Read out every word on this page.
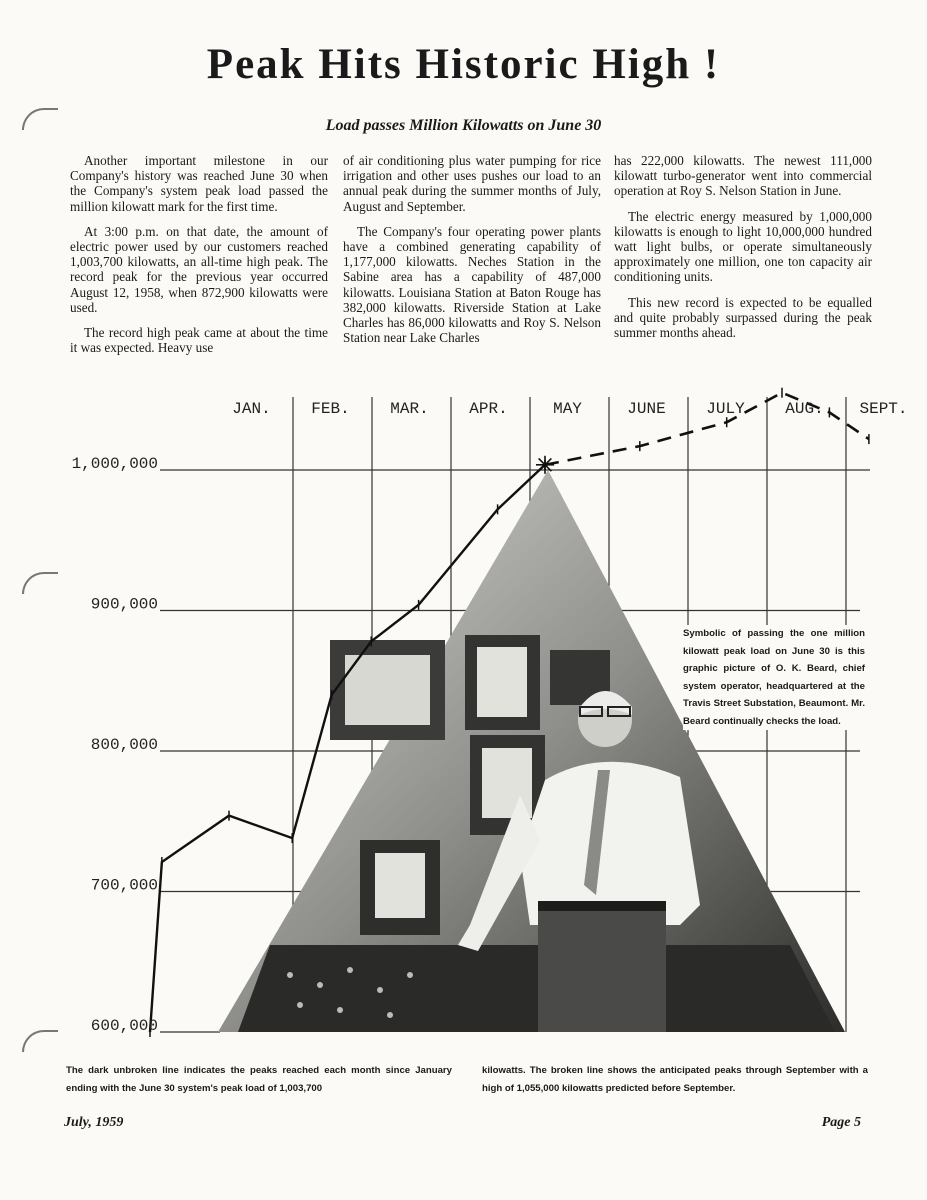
Peak Hits Historic High !
Load passes Million Kilowatts on June 30

Another important milestone in our Company's history was reached June 30 when the Company's system peak load passed the million kilowatt mark for the first time.

At 3:00 p.m. on that date, the amount of electric power used by our customers reached 1,003,700 kilowatts, an all-time high peak. The record peak for the previous year occurred August 12, 1958, when 872,900 kilowatts were used.

The record high peak came at about the time it was expected. Heavy use

of air conditioning plus water pumping for rice irrigation and other uses pushes our load to an annual peak during the summer months of July, August and September.

The Company's four operating power plants have a combined generating capability of 1,177,000 kilowatts. Neches Station in the Sabine area has a capability of 487,000 kilowatts. Louisiana Station at Baton Rouge has 382,000 kilowatts. Riverside Station at Lake Charles has 86,000 kilowatts and Roy S. Nelson Station near Lake Charles

has 222,000 kilowatts. The newest 111,000 kilowatt turbo-generator went into commercial operation at Roy S. Nelson Station in June.

The electric energy measured by 1,000,000 kilowatts is enough to light 10,000,000 hundred watt light bulbs, or operate simultaneously approximately one million, one ton capacity air conditioning units.

This new record is expected to be equalled and quite probably surpassed during the peak summer months ahead.

JAN.	FEB.	MAR.	APR.	MAY	JUNE	JULY	AUG. SEPT.
1,000,000
900,000
800,000
700,000
600,000
Symbolic of passing the one million kilowatt peak load on June 30 is this graphic picture of O. K. Beard, chief system operator, headquartered at the Travis Street Substation, Beaumont. Mr. Beard continually checks the load.
The dark unbroken line indicates the peaks reached each month since January ending with the June 30 system's peak load of 1,003,700
kilowatts. The broken line shows the anticipated peaks through September with a high of 1,055,000 kilowatts predicted before September.
July, 1959	Page 5
